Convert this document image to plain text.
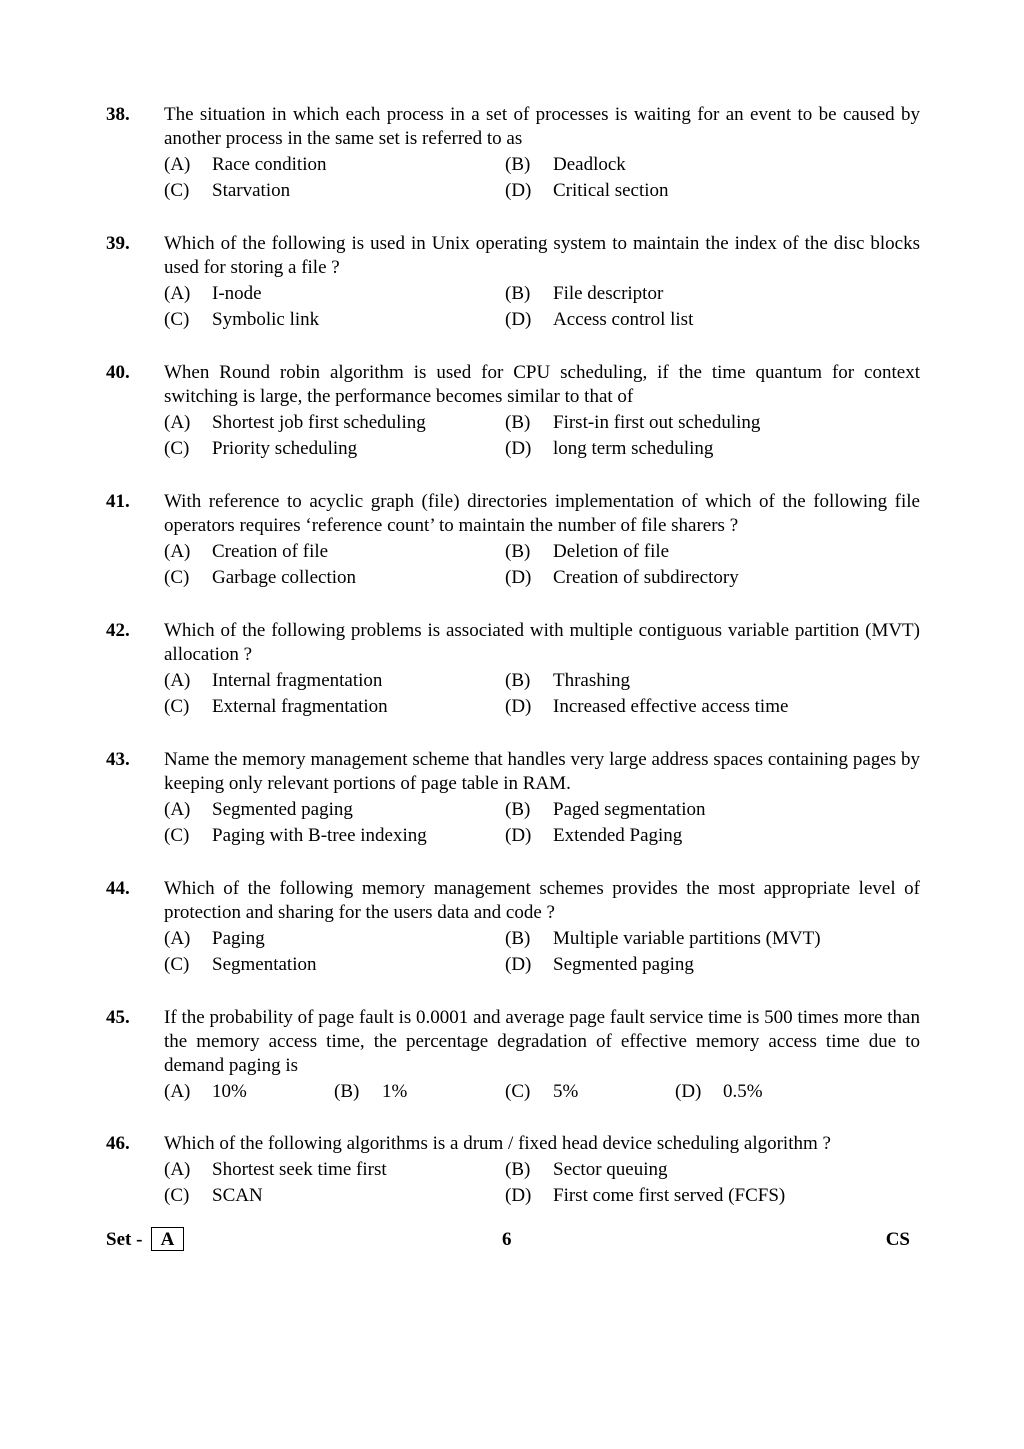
38. The situation in which each process in a set of processes is waiting for an event to be caused by another process in the same set is referred to as
(A) Race condition	(B) Deadlock
(C) Starvation	(D) Critical section
39. Which of the following is used in Unix operating system to maintain the index of the disc blocks used for storing a file ?
(A) I-node	(B) File descriptor
(C) Symbolic link	(D) Access control list
40. When Round robin algorithm is used for CPU scheduling, if the time quantum for context switching is large, the performance becomes similar to that of
(A) Shortest job first scheduling	(B) First-in first out scheduling
(C) Priority scheduling	(D) long term scheduling
41. With reference to acyclic graph (file) directories implementation of which of the following file operators requires ‘reference count’ to maintain the number of file sharers ?
(A) Creation of file	(B) Deletion of file
(C) Garbage collection	(D) Creation of subdirectory
42. Which of the following problems is associated with multiple contiguous variable partition (MVT) allocation ?
(A) Internal fragmentation	(B) Thrashing
(C) External fragmentation	(D) Increased effective access time
43. Name the memory management scheme that handles very large address spaces containing pages by keeping only relevant portions of page table in RAM.
(A) Segmented paging	(B) Paged segmentation
(C) Paging with B-tree indexing	(D) Extended Paging
44. Which of the following memory management schemes provides the most appropriate level of protection and sharing for the users data and code ?
(A) Paging	(B) Multiple variable partitions (MVT)
(C) Segmentation	(D) Segmented paging
45. If the probability of page fault is 0.0001 and average page fault service time is 500 times more than the memory access time, the percentage degradation of effective memory access time due to demand paging is
(A) 10%	(B) 1%	(C) 5%	(D) 0.5%
46. Which of the following algorithms is a drum / fixed head device scheduling algorithm ?
(A) Shortest seek time first	(B) Sector queuing
(C) SCAN	(D) First come first served (FCFS)
Set - A	6	CS
